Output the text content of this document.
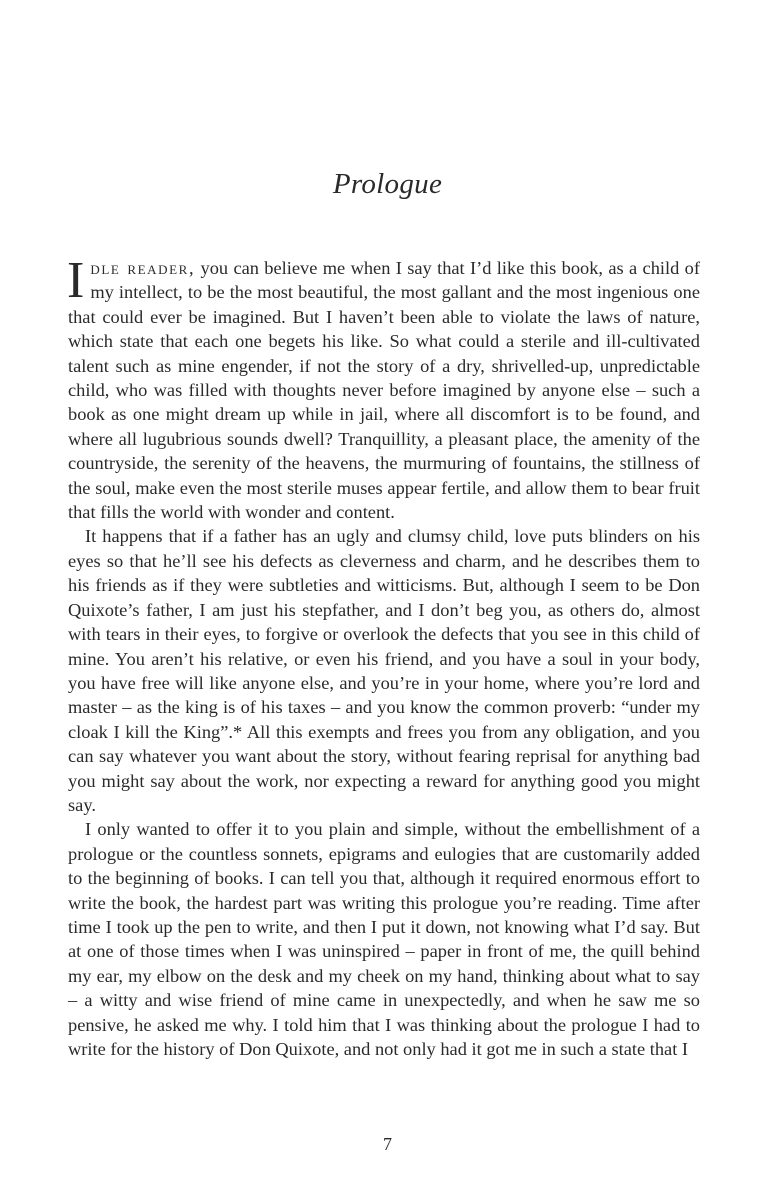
Prologue

Idle reader, you can believe me when I say that I’d like this book, as a child of my intellect, to be the most beautiful, the most gallant and the most ingenious one that could ever be imagined. But I haven’t been able to violate the laws of nature, which state that each one begets his like. So what could a sterile and ill-cultivated talent such as mine engender, if not the story of a dry, shrivelled-up, unpredictable child, who was filled with thoughts never before imagined by anyone else – such a book as one might dream up while in jail, where all discomfort is to be found, and where all lugubrious sounds dwell? Tranquillity, a pleasant place, the amenity of the countryside, the serenity of the heavens, the murmuring of fountains, the stillness of the soul, make even the most sterile muses appear fertile, and allow them to bear fruit that fills the world with wonder and content.

It happens that if a father has an ugly and clumsy child, love puts blinders on his eyes so that he’ll see his defects as cleverness and charm, and he describes them to his friends as if they were subtleties and witticisms. But, although I seem to be Don Quixote’s father, I am just his stepfather, and I don’t beg you, as others do, almost with tears in their eyes, to forgive or overlook the defects that you see in this child of mine. You aren’t his relative, or even his friend, and you have a soul in your body, you have free will like anyone else, and you’re in your home, where you’re lord and master – as the king is of his taxes – and you know the common proverb: “under my cloak I kill the King”.* All this exempts and frees you from any obligation, and you can say whatever you want about the story, without fearing reprisal for anything bad you might say about the work, nor expecting a reward for anything good you might say.

I only wanted to offer it to you plain and simple, without the embellishment of a prologue or the countless sonnets, epigrams and eulogies that are customarily added to the beginning of books. I can tell you that, although it required enormous effort to write the book, the hardest part was writing this prologue you’re reading. Time after time I took up the pen to write, and then I put it down, not knowing what I’d say. But at one of those times when I was uninspired – paper in front of me, the quill behind my ear, my elbow on the desk and my cheek on my hand, thinking about what to say – a witty and wise friend of mine came in unexpectedly, and when he saw me so pensive, he asked me why. I told him that I was thinking about the prologue I had to write for the history of Don Quixote, and not only had it got me in such a state that I

7
